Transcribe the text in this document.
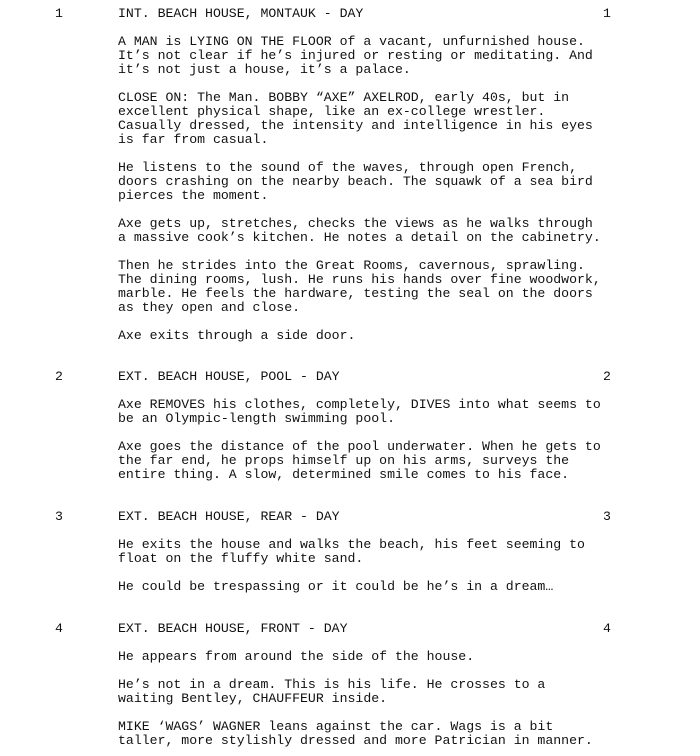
1	INT. BEACH HOUSE, MONTAUK - DAY	1
A MAN is LYING ON THE FLOOR of a vacant, unfurnished house.
It’s not clear if he’s injured or resting or meditating. And
it’s not just a house, it’s a palace.
CLOSE ON: The Man. BOBBY “AXE” AXELROD, early 40s, but in
excellent physical shape, like an ex-college wrestler.
Casually dressed, the intensity and intelligence in his eyes
is far from casual.
He listens to the sound of the waves, through open French,
doors crashing on the nearby beach. The squawk of a sea bird
pierces the moment.
Axe gets up, stretches, checks the views as he walks through
a massive cook’s kitchen. He notes a detail on the cabinetry.
Then he strides into the Great Rooms, cavernous, sprawling.
The dining rooms, lush. He runs his hands over fine woodwork,
marble. He feels the hardware, testing the seal on the doors
as they open and close.
Axe exits through a side door.
2	EXT. BEACH HOUSE, POOL - DAY	2
Axe REMOVES his clothes, completely, DIVES into what seems to
be an Olympic-length swimming pool.
Axe goes the distance of the pool underwater. When he gets to
the far end, he props himself up on his arms, surveys the
entire thing. A slow, determined smile comes to his face.
3	EXT. BEACH HOUSE, REAR - DAY	3
He exits the house and walks the beach, his feet seeming to
float on the fluffy white sand.
He could be trespassing or it could be he’s in a dream…
4	EXT. BEACH HOUSE, FRONT - DAY	4
He appears from around the side of the house.
He’s not in a dream. This is his life. He crosses to a
waiting Bentley, CHAUFFEUR inside.
MIKE ‘WAGS’ WAGNER leans against the car. Wags is a bit
taller, more stylishly dressed and more Patrician in manner.
